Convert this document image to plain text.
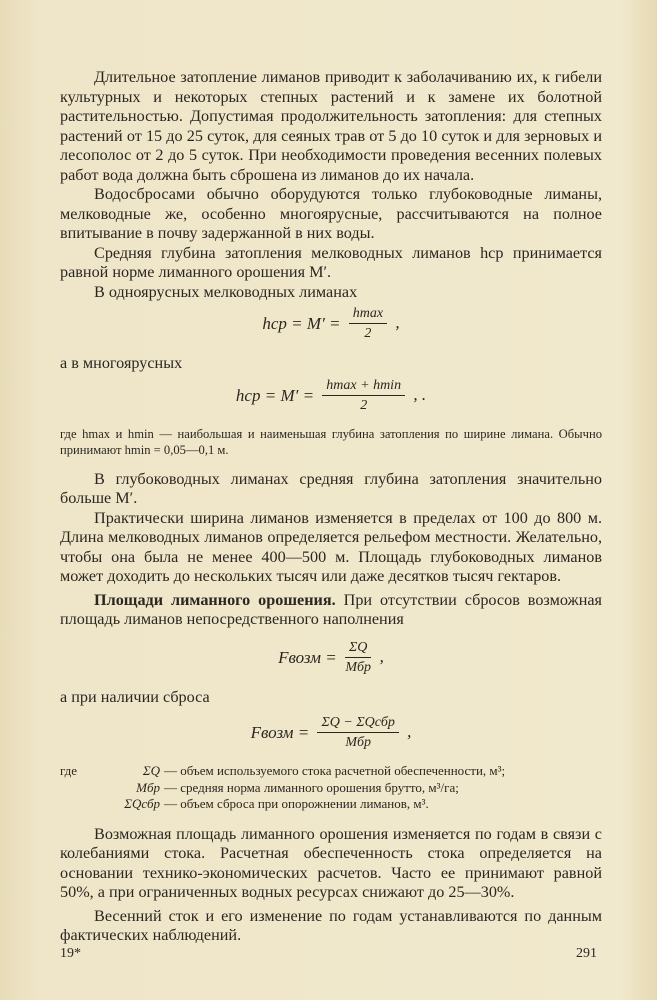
Длительное затопление лиманов приводит к заболачиванию их, к гибели культурных и некоторых степных растений и к замене их болотной растительностью. Допустимая продолжительность затопления: для степных растений от 15 до 25 суток, для сеяных трав от 5 до 10 суток и для зерновых и лесополос от 2 до 5 суток. При необходимости проведения весенних полевых работ вода должна быть сброшена из лиманов до их начала.

Водосбросами обычно оборудуются только глубоководные лиманы, мелководные же, особенно многоярусные, рассчитываются на полное впитывание в почву задержанной в них воды.

Средняя глубина затопления мелководных лиманов hср принимается равной норме лиманного орошения M′.

В одноярусных мелководных лиманах

hср = $M' = \frac{hmax}{2}$ ,

а в многоярусных

hср = $M' = \frac{hmax + hmin}{2}$ , .

где hmax и hmin — наибольшая и наименьшая глубина затопления по ширине лимана. Обычно принимают hmin = 0,05—0,1 м.

В глубоководных лиманах средняя глубина затопления значительно больше M′.

Практически ширина лиманов изменяется в пределах от 100 до 800 м. Длина мелководных лиманов определяется рельефом местности. Желательно, чтобы она была не менее 400—500 м. Площадь глубоководных лиманов может доходить до нескольких тысяч или даже десятков тысяч гектаров.

Площади лиманного орошения. При отсутствии сбросов возможная площадь лиманов непосредственного наполнения

Fвозм = $\frac{\Sigma Q}{\text{Mбр}}$ ,

а при наличии сброса

Fвозм = $\frac{\text{ΣQ − ΣQсбр}}{\text{Mбр}}$ ,
где	ΣQ — объем используемого стока расчетной обеспеченности, м³;
Mбр — средняя норма лиманного орошения брутто, м³/га;
ΣQсбр — объем сброса при опорожнении лиманов, м³.

Возможная площадь лиманного орошения изменяется по годам в связи с колебаниями стока. Расчетная обеспеченность стока определяется на основании технико-экономических расчетов. Часто ее принимают равной 50%, а при ограниченных водных ресурсах снижают до 25—30%.

Весенний сток и его изменение по годам устанавливаются по данным фактических наблюдений.

19*	291
